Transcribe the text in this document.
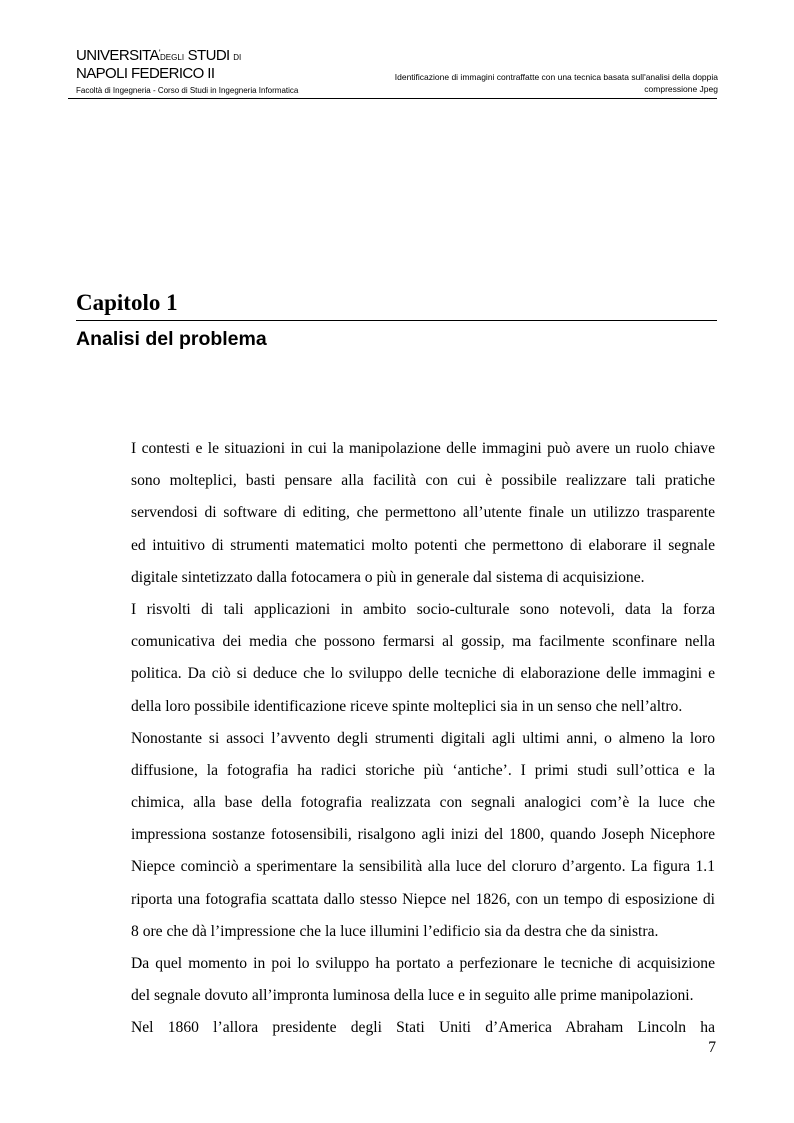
UNIVERSITA'DEGLI STUDI DI
NAPOLI FEDERICO II
Facoltà di Ingegneria - Corso di Studi in Ingegneria Informatica
Identificazione di immagini contraffatte con una tecnica basata sull'analisi della doppia
compressione Jpeg
Capitolo 1
Analisi del problema
I contesti e le situazioni in cui la manipolazione delle immagini può avere un ruolo chiave
sono molteplici, basti pensare alla facilità con cui è possibile realizzare tali pratiche
servendosi di software di editing, che permettono all’utente finale un utilizzo trasparente
ed intuitivo di strumenti matematici molto potenti che permettono di elaborare il segnale
digitale sintetizzato dalla fotocamera o più in generale dal sistema di acquisizione.
I risvolti di tali applicazioni in ambito socio-culturale sono notevoli, data la forza
comunicativa dei media che possono fermarsi al gossip, ma facilmente sconfinare nella
politica. Da ciò si deduce che lo sviluppo delle tecniche di elaborazione delle immagini e
della loro possibile identificazione riceve spinte molteplici sia in un senso che nell’altro.
Nonostante si associ l’avvento degli strumenti digitali agli ultimi anni, o almeno la loro
diffusione, la fotografia ha radici storiche più ‘antiche’. I primi studi sull’ottica e la
chimica, alla base della fotografia realizzata con segnali analogici com’è la luce che
impressiona sostanze fotosensibili, risalgono agli inizi del 1800, quando Joseph Nicephore
Niepce cominciò a sperimentare la sensibilità alla luce del cloruro d’argento. La figura 1.1
riporta una fotografia scattata dallo stesso Niepce nel 1826, con un tempo di esposizione di
8 ore che dà l’impressione che la luce illumini l’edificio sia da destra che da sinistra.
Da quel momento in poi lo sviluppo ha portato a perfezionare le tecniche di acquisizione
del segnale dovuto all’impronta luminosa della luce e in seguito alle prime manipolazioni.
Nel 1860 l’allora presidente degli Stati Uniti d’America Abraham Lincoln ha
7
